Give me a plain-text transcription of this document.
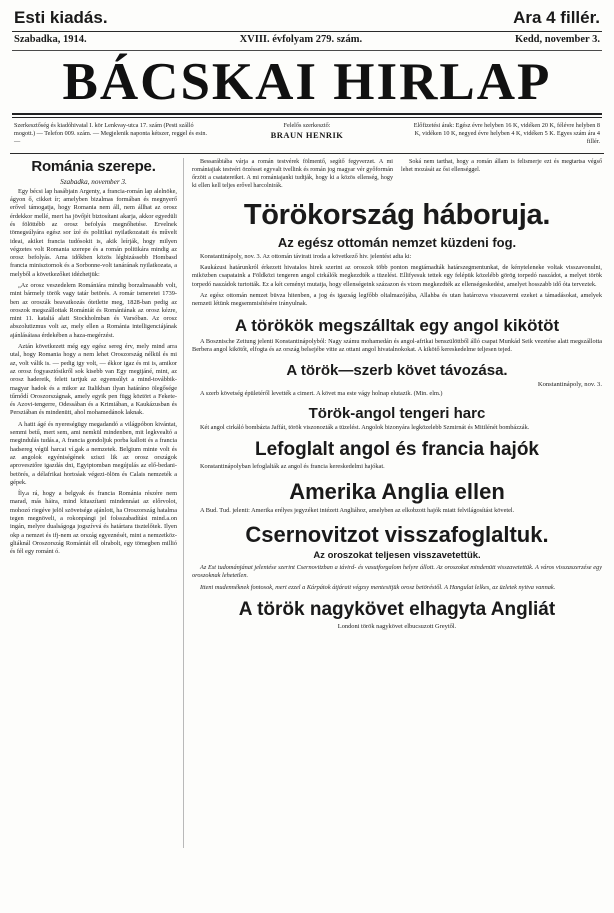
Esti kiadás.	Ara 4 fillér.
Szabadka, 1914.	XVIII. évfolyam 279. szám.	Kedd, november 3.
BÁCSKAI HIRLAP
Szerkesztőség és kiadóhivatal I. kör Lenkvay-utca 17. szám (Pesti szálló mogott.) — Telefon 009. szám. — Megjelenik naponta kétszer, reggel és esin. —
Felelős szerkesztő:
BRAUN HENRIK
Előfizetési árak: Egész évre helyben 16 K, vidéken 20 K, félévre helyben 8 K, vidéken 10 K, negyed évre helyben 4 K, vidéken 5 K. Egyes szám ára 4 fillér.
Románia szerepe.
Szabadka, november 3.

Egy bécsi lap hasábjain Argenty, a francia-román lap alelnöke, ágyon ő, cikket ír; amelyben bizalmas formában és megnyerő erővel támogatja, hogy Romania nem áll, nem állhat az orosz érdekkor mellé, mert ha jövőjét biztosítani akarja, akkor egyedüli és fölöttébb az orosz befolyás megnőhetése. Ervelnek tömegsúlyára egész sor ízé és politikai nyilatkozatait és művelt ideai, akiket francia tudósokit is, akik leírják, hogy milyen végzetes volt Romania szerepe és a román politikára mindig az orosz befolyás. Ama időkben közös légbizássebb Hombasd francia minisztornok és a Sorbonne-volt tanárának nyilatkozata, a melyből a következőket idézhetjük:

„Az orosz veszedelem Romániára mindig borzalmasabb volt, mint bármely török vagy tatár betörés. A romár ismeretei 1739-ben az oroszák beavatkozás ótetlette meg, 1828-ban pedig az oroszok megszállottak Romániát és Romániának az orosz kézre, mint 11. kataliá alatt Stockholmban és Varsóban. Az orosz abszolutizmus volt az, mely ellen a Románia intelligenciájának ajánlásáiasa érdekében a haza-megérzést.

Aztán következett még egy egész sereg érv, mely mind arra utal, hogy Romania hogy a nem lehet Oroszország nélkül és mi az, volt válik is. — pedig igy volt, — ékkor igaz és mi is, amikor az orosz fogyasztósikről sok kisebb van Egy megtjáné, mint, az orosz hadereik, felett tartjuk az egyensúlyt a mind-továbbik-magyar hadok és a mikor az Italikban ilyan határáno ölegősége tűrnődí Oroszországnak, amely egyik pen függ köztört a Fekete- és Azovi-tengerre, Odessában és a Krimiában, a Kaukázusban és Persziában és mindenütt, ahol mohamedánok laknak.

A hatit ágé és nyereségügy megadandó a világpóbon kivántat, semmi betű, mert sem, ami nemkül mindenben, mit legkvealtó a megindulás tudás.a, A francia gondoljuk porba kallott és a francia hadsereg végül harcai ví.gak a nemzetek. Belgium minte volt és az angolok egyéniségének sziszi lik az orosz országok aprovesztőre igazdás dni, Egyiptomban megújulás az elő-bedani-betörés, a délafrikai hortoáak végezi-ölöm és Calais nemzeték a gépek.

Íly.a rá, hogy a belgyak és francia Románia részére nem marad, más háira, mind kitaszítani mindennáat az előrvolot, mohozó riegéve jelöl szövetsége ajánlott, ha Oroszország hatalma tegen megnöveli, a rokonpángi jel folsszabadítási mind.a.on ingán, melyre dualságoga jogszívvá és határtara tisztelőtek. Ilyen okp a nemzet és ifj-nem az ország egyeznését, mint a nemzetköz-gliáknál Oroszország Romániát ell olrabolt, egy tömegben millió és fél egy románt ó.

Bessarábiába várja a román testvérek fölmentő, segítő fegyverzet. A mi romániajiak testvéri örzésset egyvalt tvellink és román jog magyar vér győformán őrzött a csatatereiket. A mi romániajanki tudtják, hogy ki a közös ellenség, hogy ki ellen kell teljes erővel harcolnirák.

Soká nem tarthat, hogy a román állam is felismerje ezt és megtartsa végső lehet mozását az ősi ellenséggel.

Törökország háboruja.
Az egész ottomán nemzet küzdeni fog.

Konstantinápoly, nov. 3. Az ottomán távirati iroda a következő hiv. jelentést adta ki:

Kaukázusi határunkról érkezett hivatalos hirek szerint az oroszok több ponton megtámadták határszegmentunkat, de kényteleneke voltak visszavonulni, miközben csapataink a Földközi tengeren angol cirkálók megkezdték a tüzelést. Ellifyesuk tettek egy felépük közelébb görög torpedó naszádot, a melyet török torpedó naszádok turtották. Ez a két ceményi mutatja, hogy ellenségeink százazon és vizen megkezdték az ellenségeskedést, amelyet hosszabb idő óta terveztek.

Az egész ottomán nemzet büvza hitenben, a jog és igazság legfőbb oltalmazójába, Allahba és utan határozva visszaverni ezeket a támadásokat, amelyek nemzeti létünk megsemmisítésére irányulnak.

A törökök megszálltak egy angol kikötöt

A Bosznische Zeitung jelenti Konstantinápolyból: Nagy számu mohamedán és angol-afrikai benszülöttből álló csapat Munkád Seik vezetése alatt megszállotta Berbera angol kikötőt, elfogta és az ország belsejébe vitte az ottani angol hivatalnokokat. A kikötő kereskedelme teljesen tejed.

A török—szerb követ távozása.
Konstantinápoly, nov. 3.

A szerb követség épületéről levették a cimert. A követ ma este vágy holnap elutazik. (Min. elm.)

Török-angol tengeri harc

Két angol cirkáló bombázta Jaffát, török viszonozták a tüzelést. Angolok bizonyára legközelebb Szmirnát és Mitilénét bombázzák.

Lefoglalt angol és francia hajók

Konstantinápolyban lefoglalták az angol és francia kereskedelmi hajókat.

Amerika Anglia ellen

A Bud. Tud. jelenti: Amerika erélyes jegyzéket intézett Angliához, amelyben az elkobzott hajók miatt felvilágosítást követel.

Csernovitzot visszafoglaltuk.
Az oroszokat teljesen visszavetettük.

Az Est tudománjánat jelentése szerint Csernovitzban a távird- és vasutforgalom helyre állott. Az oroszokat mindenütt visszavetettük. A város visszaszerzése egy oroszoknak lehetetlen.

Itteni mudennéknek fontosok, mert ezzel a Kárpátok átjárait végzsy mentesitjük orosz betöréstől. A Hangulat lelkes, az üzletek nyitva vannak.

A török nagykövet elhagyta Angliát

Londoni török nagykövet elbucsuzott Greytől.
